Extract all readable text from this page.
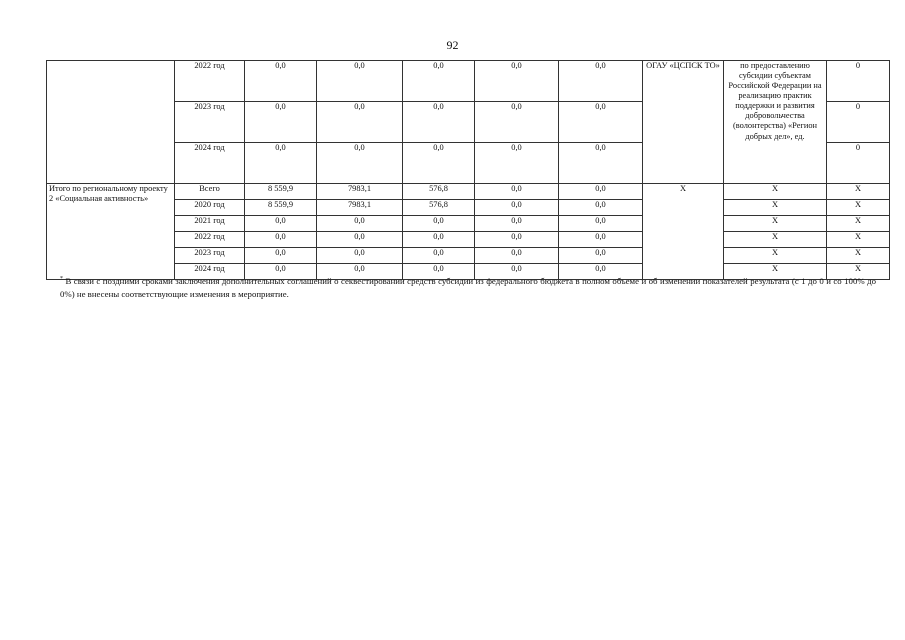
92
	2022 год	0,0	0,0	0,0	0,0	0,0	ОГАУ «ЦСПСК ТО»	по предоставлению субсидии субъектам Российской Федерации на реализацию практик поддержки и развития добровольчества (волонтерства) «Регион добрых дел», ед.	0
	2023 год	0,0	0,0	0,0	0,0	0,0			0
	2024 год	0,0	0,0	0,0	0,0	0,0			0
Итого по региональному проекту 2 «Социальная активность»	Всего	8 559,9	7983,1	576,8	0,0	0,0	Х	Х	Х
	2020 год	8 559,9	7983,1	576,8	0,0	0,0		Х	Х
	2021 год	0,0	0,0	0,0	0,0	0,0		Х	Х
	2022 год	0,0	0,0	0,0	0,0	0,0		Х	Х
	2023 год	0,0	0,0	0,0	0,0	0,0		Х	Х
	2024 год	0,0	0,0	0,0	0,0	0,0		Х	Х
* В связи с поздними сроками заключения дополнительных соглашений о секвестировании средств субсидии из федерального бюджета в полном объеме и об изменении показателей результата (с 1 до 0 и со 100% до 0%) не внесены соответствующие изменения в мероприятие.
